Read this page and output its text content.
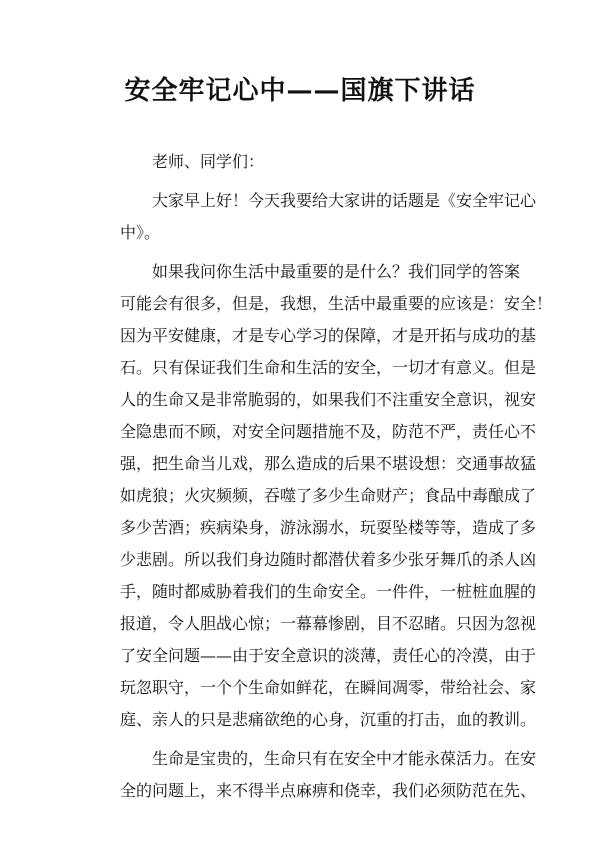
安全牢记心中——国旗下讲话
老师、同学们：
大家早上好！今天我要给大家讲的话题是《安全牢记心
中》。
如果我问你生活中最重要的是什么？我们同学的答案
可能会有很多，但是，我想，生活中最重要的应该是：安全！
因为平安健康，才是专心学习的保障，才是开拓与成功的基
石。只有保证我们生命和生活的安全，一切才有意义。但是
人的生命又是非常脆弱的，如果我们不注重安全意识，视安
全隐患而不顾，对安全问题措施不及，防范不严，责任心不
强，把生命当儿戏，那么造成的后果不堪设想：交通事故猛
如虎狼；火灾频频，吞噬了多少生命财产；食品中毒酿成了
多少苦酒；疾病染身，游泳溺水，玩耍坠楼等等，造成了多
少悲剧。所以我们身边随时都潜伏着多少张牙舞爪的杀人凶
手，随时都威胁着我们的生命安全。一件件，一桩桩血腥的
报道，令人胆战心惊；一幕幕惨剧，目不忍睹。只因为忽视
了安全问题——由于安全意识的淡薄，责任心的冷漠，由于
玩忽职守，一个个生命如鲜花，在瞬间凋零，带给社会、家
庭、亲人的只是悲痛欲绝的心身，沉重的打击，血的教训。
生命是宝贵的，生命只有在安全中才能永葆活力。在安
全的问题上，来不得半点麻痹和侥幸，我们必须防范在先、
